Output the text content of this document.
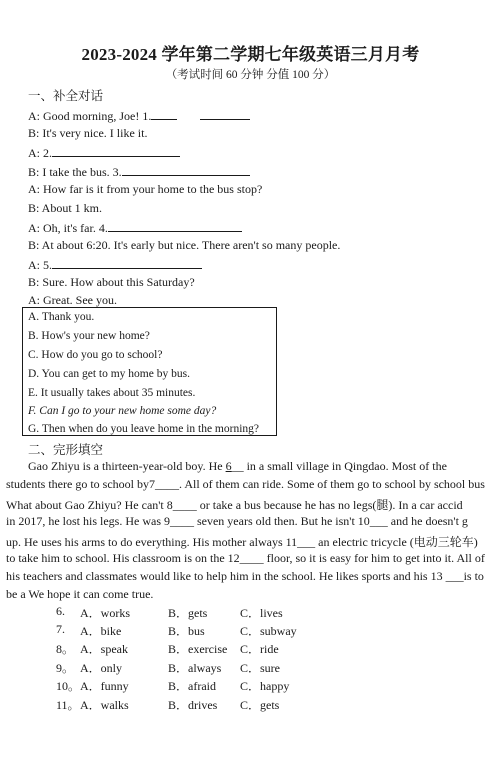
2023-2024 学年第二学期七年级英语三月月考
（考试时间 60 分钟 分值 100 分）
一、补全对话
A: Good morning, Joe! 1.
B: It's very nice. I like it.
A: 2.
B: I take the bus. 3.
A: How far is it from your home to the bus stop?
B: About 1 km.
A: Oh, it's far. 4.
B: At about 6:20. It's early but nice. There aren't so many people.
A: 5.
B: Sure. How about this Saturday?
A: Great. See you.
A. Thank you.
B. How's your new home?
C. How do you go to school?
D. You can get to my home by bus.
E. It usually takes about 35 minutes.
F. Can I go to your new home some day?
G. Then when do you leave home in the morning?
二、完形填空
Gao Zhiyu is a thirteen-year-old boy. He 6__ in a small village in Qingdao. Most of the
students there go to school by7____. All of them can ride. Some of them go to school by school bus
What about Gao Zhiyu? He can't 8____ or take a bus because he has no legs(腿). In a car accid
in 2017, he lost his legs. He was 9____ seven years old then. But he isn't 10___ and he doesn't g
up. He uses his arms to do everything. His mother always 11___ an electric tricycle (电动三轮车)
to take him to school. His classroom is on the 12____ floor, so it is easy for him to get into it. All of
his teachers and classmates would like to help him in the school. He likes sports and his 13 ___is to
be a We hope it can come true.
6.	A．works	B．gets	C．lives
7.	A．bike	B．bus	C．subway
8。 A．speak	B．exercise C．ride
9。 A．only	B．always C．sure
10。 A．funny	B．afraid C．happy
11。 A．walks	B．drives C．gets
